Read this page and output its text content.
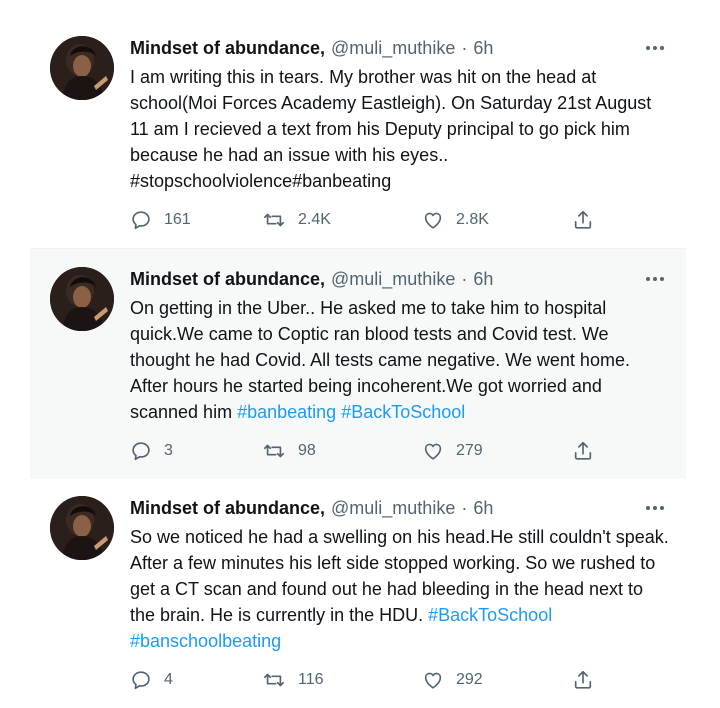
Mindset of abundance, @muli_muthike · 6h
I am writing this in tears. My brother was hit on the head at school(Moi Forces Academy Eastleigh). On Saturday 21st August 11 am I recieved a text from his Deputy principal to go pick him because he had an issue with his eyes.. #stopschoolviolence#banbeating
161	2.4K	2.8K
Mindset of abundance, @muli_muthike · 6h
On getting in the Uber.. He asked me to take him to hospital quick.We came to Coptic ran blood tests and Covid test. We thought he had Covid. All tests came negative. We went home. After hours he started being incoherent.We got worried and scanned him #banbeating #BackToSchool
3	98	279
Mindset of abundance, @muli_muthike · 6h
So we noticed he had a swelling on his head.He still couldn't speak. After a few minutes his left side stopped working. So we rushed to get a CT scan and found out he had bleeding in the head next to the brain. He is currently in the HDU. #BackToSchool #banschoolbeating
4	116	292
